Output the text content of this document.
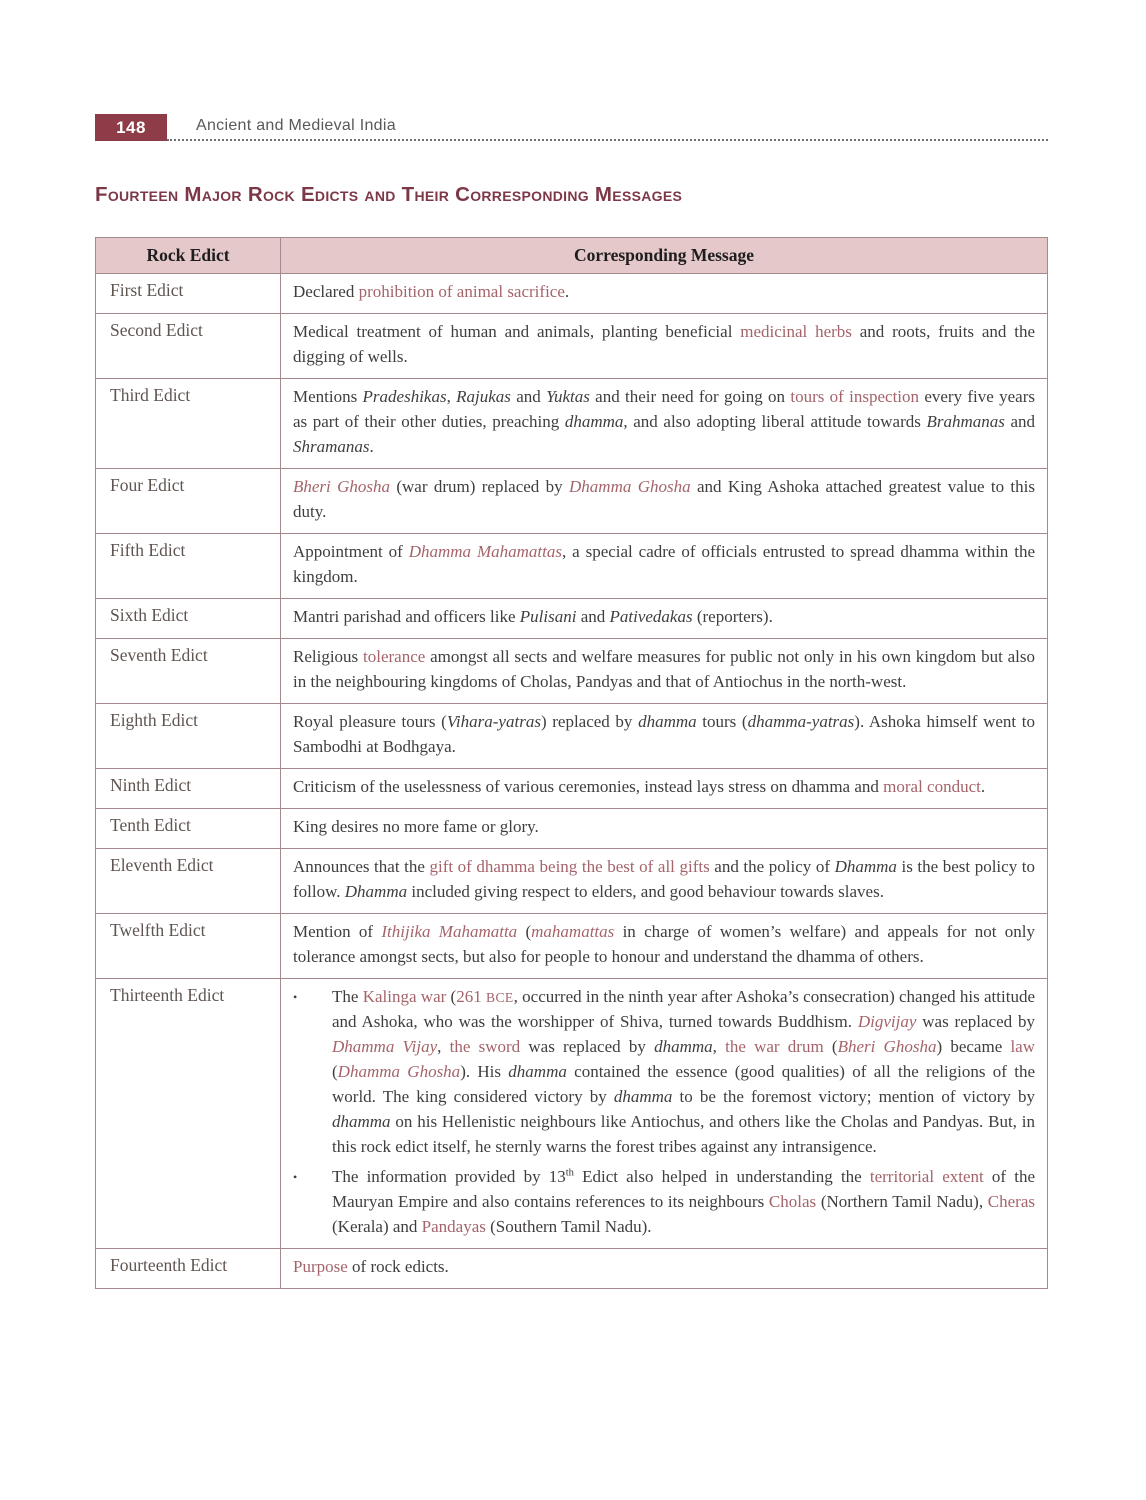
148	Ancient and Medieval India
Fourteen Major Rock Edicts and Their Corresponding Messages
Rock Edict	Corresponding Message
First Edict	Declared prohibition of animal sacrifice.
Second Edict	Medical treatment of human and animals, planting beneficial medicinal herbs and roots, fruits and the digging of wells.
Third Edict	Mentions Pradeshikas, Rajukas and Yuktas and their need for going on tours of inspection every five years as part of their other duties, preaching dhamma, and also adopting liberal attitude towards Brahmanas and Shramanas.
Four Edict	Bheri Ghosha (war drum) replaced by Dhamma Ghosha and King Ashoka attached greatest value to this duty.
Fifth Edict	Appointment of Dhamma Mahamattas, a special cadre of officials entrusted to spread dhamma within the kingdom.
Sixth Edict	Mantri parishad and officers like Pulisani and Pativedakas (reporters).
Seventh Edict	Religious tolerance amongst all sects and welfare measures for public not only in his own kingdom but also in the neighbouring kingdoms of Cholas, Pandyas and that of Antiochus in the north-west.
Eighth Edict	Royal pleasure tours (Vihara-yatras) replaced by dhamma tours (dhamma-yatras). Ashoka himself went to Sambodhi at Bodhgaya.
Ninth Edict	Criticism of the uselessness of various ceremonies, instead lays stress on dhamma and moral conduct.
Tenth Edict	King desires no more fame or glory.
Eleventh Edict	Announces that the gift of dhamma being the best of all gifts and the policy of Dhamma is the best policy to follow. Dhamma included giving respect to elders, and good behaviour towards slaves.
Twelfth Edict	Mention of Ithijika Mahamatta (mahamattas in charge of women’s welfare) and appeals for not only tolerance amongst sects, but also for people to honour and understand the dhamma of others.
Thirteenth Edict	• The Kalinga war (261 BCE, occurred in the ninth year after Ashoka’s consecration) changed his attitude and Ashoka, who was the worshipper of Shiva, turned towards Buddhism. Digvijay was replaced by Dhamma Vijay, the sword was replaced by dhamma, the war drum (Bheri Ghosha) became law (Dhamma Ghosha). His dhamma contained the essence (good qualities) of all the religions of the world. The king considered victory by dhamma to be the foremost victory; mention of victory by dhamma on his Hellenistic neighbours like Antiochus, and others like the Cholas and Pandyas. But, in this rock edict itself, he sternly warns the forest tribes against any intransigence.
• The information provided by 13th Edict also helped in understanding the territorial extent of the Mauryan Empire and also contains references to its neighbours Cholas (Northern Tamil Nadu), Cheras (Kerala) and Pandayas (Southern Tamil Nadu).

Fourteenth Edict	Purpose of rock edicts.
